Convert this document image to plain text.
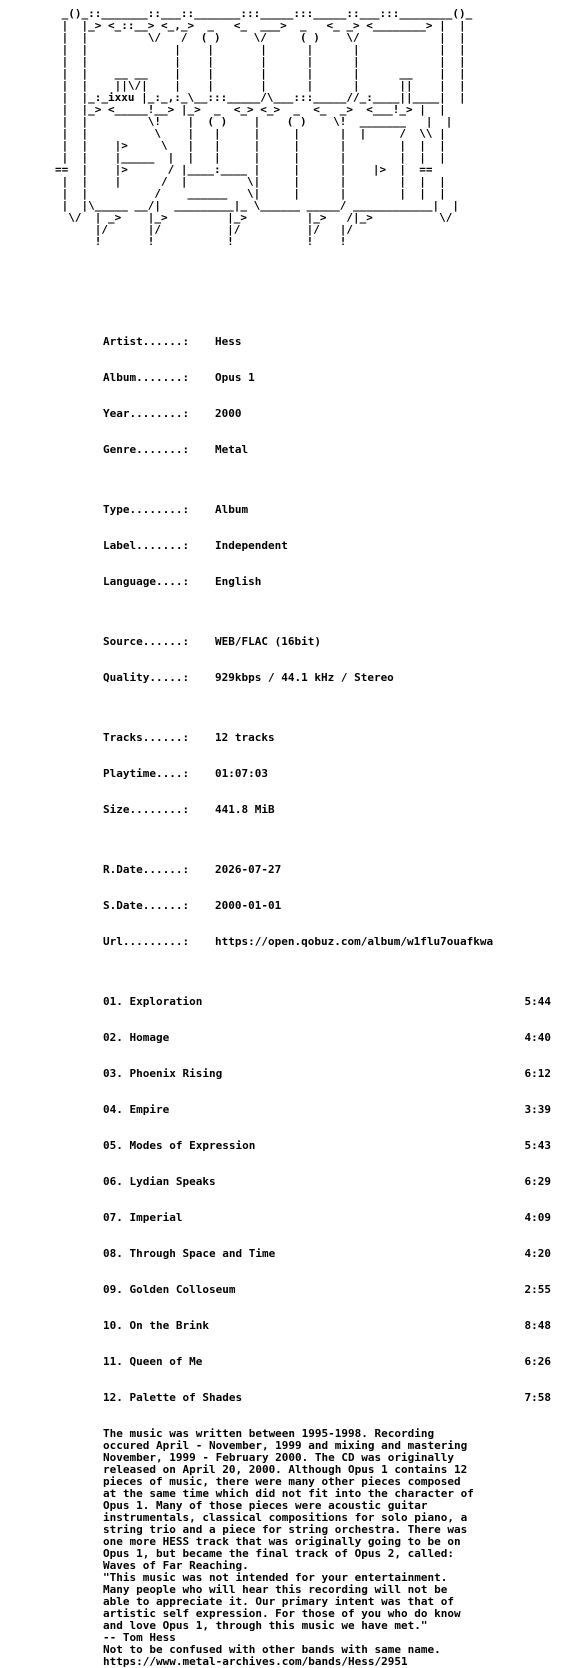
_()_::_______::___::_______:::_____:::_____::___:::________()_
|  |_> <_::__> <_,_>  _   <_  ___>  _   <_ _> <________> |  |
|  |         \/   /  ( )     \/     ( )    \/            |  |
|  |             |    |       |      |      |            |  |
|  |             |    |       |      |      |            |  |
|  |    __ __    |    |       |      |      |      __    |  |
|  |    ||\/|    |    |       |      |      |      ||    |  |
|  |_:_ixxu |_:_,:_\__:::_____/\___:::_____//_:____||____|  |
|  |_> <_____!__> |_>  _  <_> <_>  _  <_  _>  <___!_> |  |
|  |         \!    |  ( )    |    ( )    \!  _______   |  |
|  |          \    |   |     |     |      |  |     /  \\ |
|  |    |>     \   |   |     |     |      |        |  |  |
|  |    |_____  |  |   |     |     |      |        |  |  |
==  |    |>      / |____:____ |     |      |    |>  |  ==
|  |    |      /  |         \|     |      |        |  |  |
|  |          /    ______   \|     |      |        |  |  |
|  |\_____ __/|  _________|_ \______ _____/ ____________|  |
\/  | _>    |_>         |_>         |_>   /|_>          \/
|/      |/          |/          |/   |/
!       !           !           !    !

Artist......:	Hess

Album.......:	Opus 1

Year........:	2000

Genre.......:	Metal

Type........:	Album

Label.......:	Independent

Language....:	English

Source......:	WEB/FLAC (16bit)

Quality.....:	929kbps / 44.1 kHz / Stereo

Tracks......:	12 tracks

Playtime....:	01:07:03

Size........:	441.8 MiB

R.Date......:	2026-07-27

S.Date......:	2000-01-01

Url.........:	https://open.qobuz.com/album/w1flu7ouafkwa

01. Exploration	5:44

02. Homage	4:40

03. Phoenix Rising	6:12

04. Empire	3:39

05. Modes of Expression	5:43

06. Lydian Speaks	6:29

07. Imperial	4:09

08. Through Space and Time	4:20

09. Golden Colloseum	2:55

10. On the Brink	8:48

11. Queen of Me	6:26

12. Palette of Shades	7:58

The music was written between 1995-1998. Recording
occured April - November, 1999 and mixing and mastering
November, 1999 - February 2000. The CD was originally
released on April 20, 2000. Although Opus 1 contains 12
pieces of music, there were many other pieces composed
at the same time which did not fit into the character of
Opus 1. Many of those pieces were acoustic guitar
instrumentals, classical compositions for solo piano, a
string trio and a piece for string orchestra. There was
one more HESS track that was originally going to be on
Opus 1, but became the final track of Opus 2, called:
Waves of Far Reaching.
"This music was not intended for your entertainment.
Many people who will hear this recording will not be
able to appreciate it. Our primary intent was that of
artistic self expression. For those of you who do know
and love Opus 1, through this music we have met."
-- Tom Hess
Not to be confused with other bands with same name.
https://www.metal-archives.com/bands/Hess/2951
